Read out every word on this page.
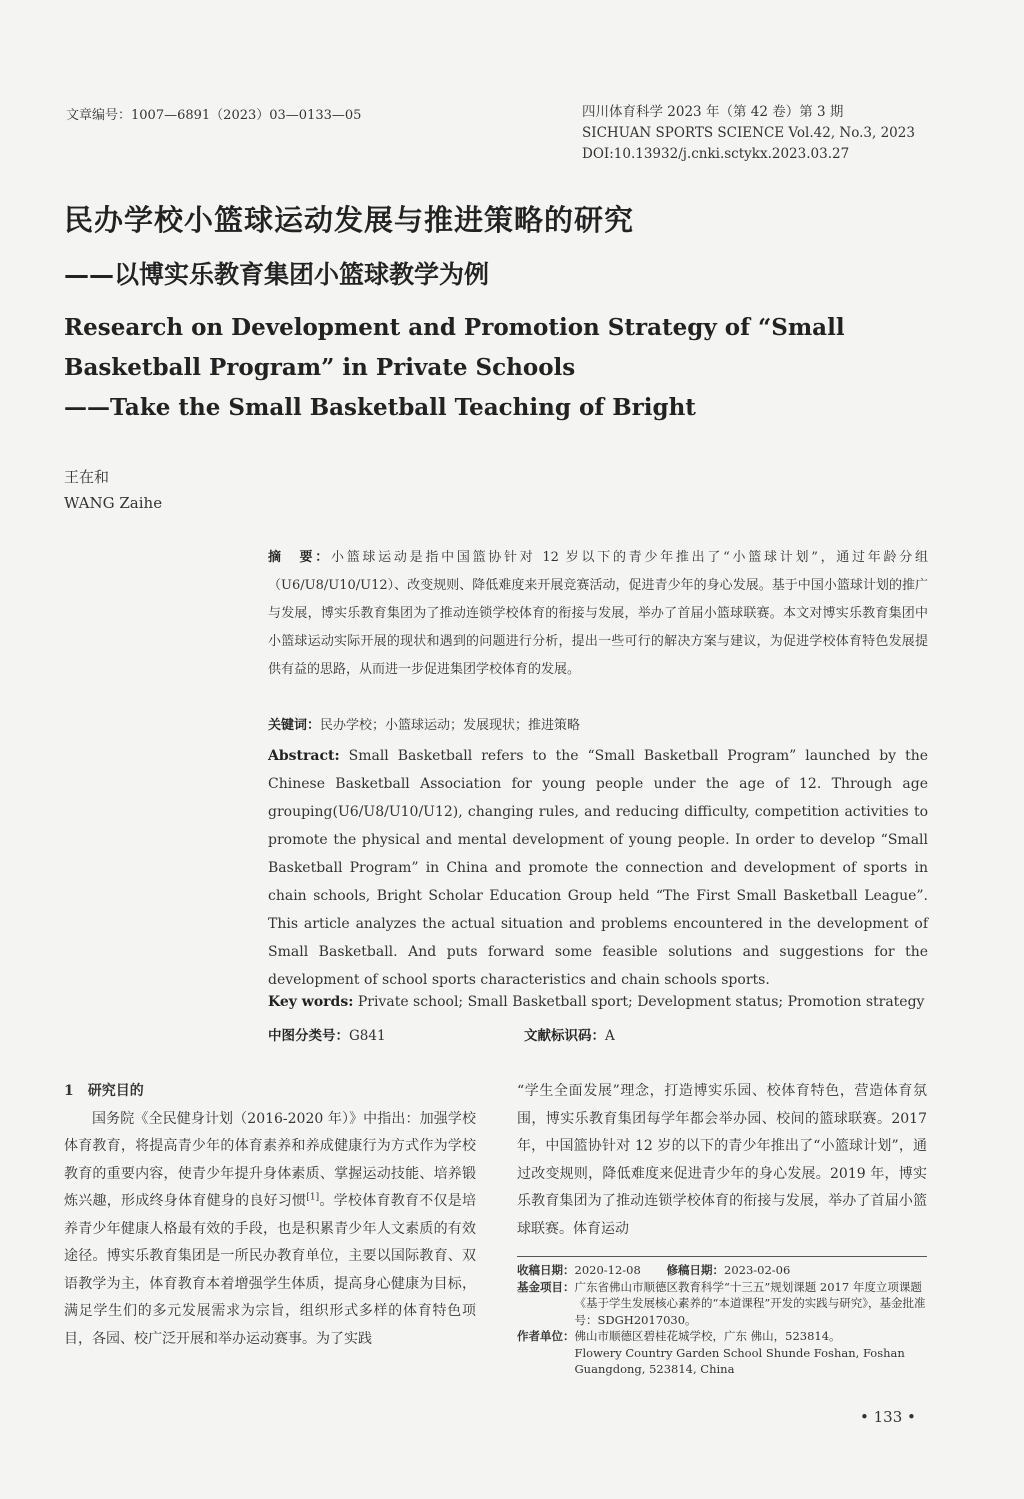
文章编号：1007—6891（2023）03—0133—05	四川体育科学 2023 年（第 42 卷）第 3 期
SICHUAN SPORTS SCIENCE Vol.42, No.3, 2023
DOI:10.13932/j.cnki.sctykx.2023.03.27
民办学校小篮球运动发展与推进策略的研究
——以博实乐教育集团小篮球教学为例
Research on Development and Promotion Strategy of “Small
Basketball Program” in Private Schools
——Take the Small Basketball Teaching of Bright
王在和
WANG Zaihe
摘　要：小篮球运动是指中国篮协针对 12 岁以下的青少年推出了“小篮球计划”，通过年龄分组（U6/U8/U10/U12）、改变规则、降低难度来开展竞赛活动，促进青少年的身心发展。基于中国小篮球计划的推广与发展，博实乐教育集团为了推动连锁学校体育的衔接与发展，举办了首届小篮球联赛。本文对博实乐教育集团中小篮球运动实际开展的现状和遇到的问题进行分析，提出一些可行的解决方案与建议，为促进学校体育特色发展提供有益的思路，从而进一步促进集团学校体育的发展。
关键词：民办学校；小篮球运动；发展现状；推进策略
Abstract: Small Basketball refers to the “Small Basketball Program” launched by the Chinese Basketball Association for young people under the age of 12. Through age grouping(U6/U8/U10/U12), changing rules, and reducing difficulty, competition activities to promote the physical and mental development of young people. In order to develop “Small Basketball Program” in China and promote the connection and development of sports in chain schools, Bright Scholar Education Group held “The First Small Basketball League”. This article analyzes the actual situation and problems encountered in the development of Small Basketball. And puts forward some feasible solutions and suggestions for the development of school sports characteristics and chain schools sports.
Key words: Private school; Small Basketball sport; Development status; Promotion strategy
中图分类号：G841	文献标识码：A

1　研究目的

国务院《全民健身计划（2016-2020 年）》中指出：加强学校体育教育，将提高青少年的体育素养和养成健康行为方式作为学校教育的重要内容，使青少年提升身体素质、掌握运动技能、培养锻炼兴趣，形成终身体育健身的良好习惯[1]。学校体育教育不仅是培养青少年健康人格最有效的手段，也是积累青少年人文素质的有效途径。博实乐教育集团是一所民办教育单位，主要以国际教育、双语教学为主，体育教育本着增强学生体质，提高身心健康为目标，满足学生们的多元发展需求为宗旨，组织形式多样的体育特色项目，各园、校广泛开展和举办运动赛事。为了实践

“学生全面发展”理念，打造博实乐园、校体育特色，营造体育氛围，博实乐教育集团每学年都会举办园、校间的篮球联赛。2017 年，中国篮协针对 12 岁的以下的青少年推出了“小篮球计划”，通过改变规则，降低难度来促进青少年的身心发展。2019 年，博实乐教育集团为了推动连锁学校体育的衔接与发展，举办了首届小篮球联赛。体育运动

收稿日期： 2020-12-08	修稿日期： 2023-02-06
基金项目： 广东省佛山市顺德区教育科学“十三五”规划课题 2017 年度立项课题《基于学生发展核心素养的“本道课程”开发的实践与研究》，基金批准号：SDGH2017030。
作者单位： 佛山市顺德区碧桂花城学校，广东 佛山，523814。
Flowery Country Garden School Shunde Foshan, Foshan Guangdong, 523814, China
• 133 •
